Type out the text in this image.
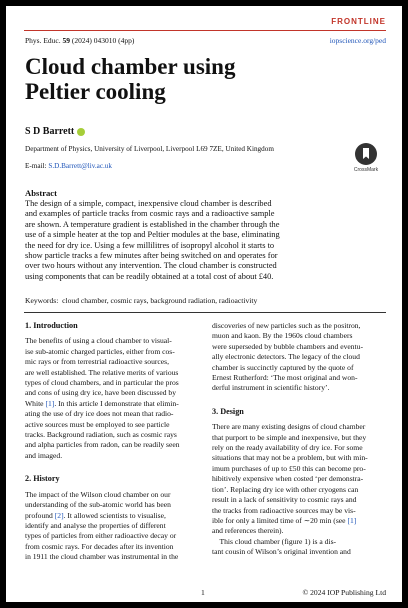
FRONTLINE
Phys. Educ. 59 (2024) 043010 (4pp)	iopscience.org/ped
Cloud chamber using
Peltier cooling
S D Barrett
Department of Physics, University of Liverpool, Liverpool L69 7ZE, United Kingdom
E-mail: S.D.Barrett@liv.ac.uk	CrossMark
Abstract
The design of a simple, compact, inexpensive cloud chamber is described
and examples of particle tracks from cosmic rays and a radioactive sample
are shown. A temperature gradient is established in the chamber through the
use of a simple heater at the top and Peltier modules at the base, eliminating
the need for dry ice. Using a few millilitres of isopropyl alcohol it starts to
show particle tracks a few minutes after being switched on and operates for
over two hours without any intervention. The cloud chamber is constructed
using components that can be readily obtained at a total cost of about £40.
Keywords: cloud chamber, cosmic rays, background radiation, radioactivity
1. Introduction

The benefits of using a cloud chamber to visual-

ise sub-atomic charged particles, either from cos-

mic rays or from terrestrial radioactive sources,

are well established. The relative merits of various

types of cloud chambers, and in particular the pros

and cons of using dry ice, have been discussed by

White [1]. In this article I demonstrate that elimin-

ating the use of dry ice does not mean that radio-

active sources must be employed to see particle

tracks. Background radiation, such as cosmic rays

and alpha particles from radon, can be readily seen

and imaged.

2. History

The impact of the Wilson cloud chamber on our

understanding of the sub-atomic world has been

profound [2]. It allowed scientists to visualise,

identify and analyse the properties of different

types of particles from either radioactive decay or

from cosmic rays. For decades after its invention

in 1911 the cloud chamber was instrumental in the

discoveries of new particles such as the positron,

muon and kaon. By the 1960s cloud chambers

were superseded by bubble chambers and eventu-

ally electronic detectors. The legacy of the cloud

chamber is succinctly captured by the quote of

Ernest Rutherford: ‘The most original and won-

derful instrument in scientific history’.

3. Design

There are many existing designs of cloud chamber

that purport to be simple and inexpensive, but they

rely on the ready availability of dry ice. For some

situations that may not be a problem, but with min-

imum purchases of up to £50 this can become pro-

hibitively expensive when costed ‘per demonstra-

tion’. Replacing dry ice with other cryogens can

result in a lack of sensitivity to cosmic rays and

the tracks from radioactive sources may be vis-

ible for only a limited time of ∼20 min (see [1]

and references therein).

This cloud chamber (figure 1) is a dis-

tant cousin of Wilson’s original invention and

1	© 2024 IOP Publishing Ltd
